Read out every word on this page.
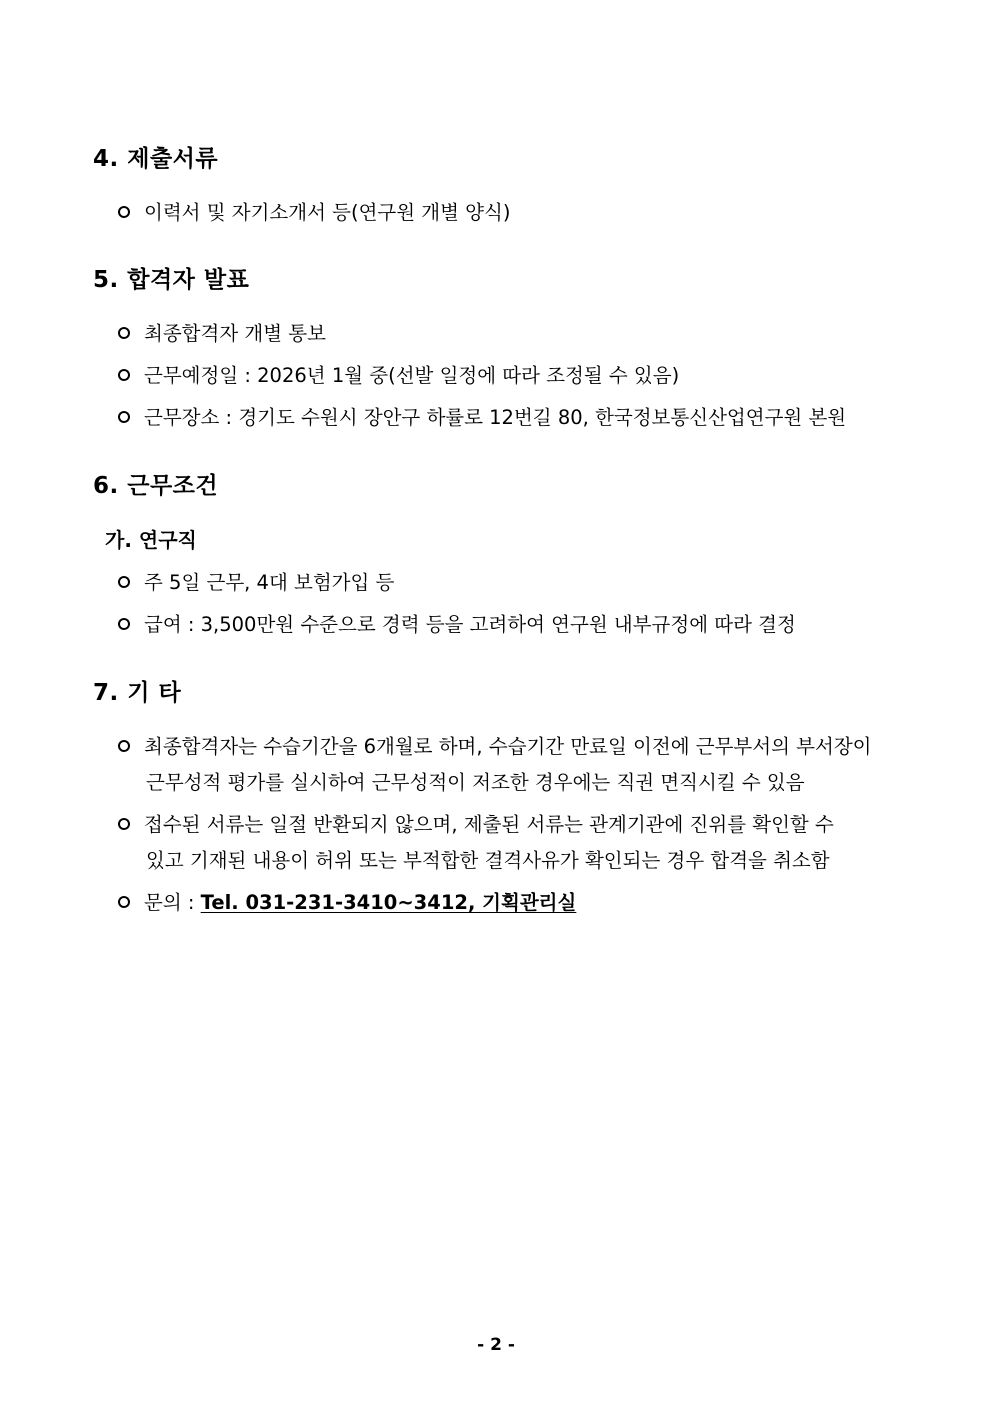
4. 제출서류
이력서 및 자기소개서 등(연구원 개별 양식)
5. 합격자 발표
최종합격자 개별 통보
근무예정일 : 2026년 1월 중(선발 일정에 따라 조정될 수 있음)
근무장소 : 경기도 수원시 장안구 하률로 12번길 80, 한국정보통신산업연구원 본원
6. 근무조건
가. 연구직
주 5일 근무, 4대 보험가입 등
급여 : 3,500만원 수준으로 경력 등을 고려하여 연구원 내부규정에 따라 결정
7. 기 타
최종합격자는 수습기간을 6개월로 하며, 수습기간 만료일 이전에 근무부서의 부서장이
근무성적 평가를 실시하여 근무성적이 저조한 경우에는 직권 면직시킬 수 있음
접수된 서류는 일절 반환되지 않으며, 제출된 서류는 관계기관에 진위를 확인할 수
있고 기재된 내용이 허위 또는 부적합한 결격사유가 확인되는 경우 합격을 취소함
문의 : Tel. 031-231-3410~3412, 기획관리실
- 2 -
